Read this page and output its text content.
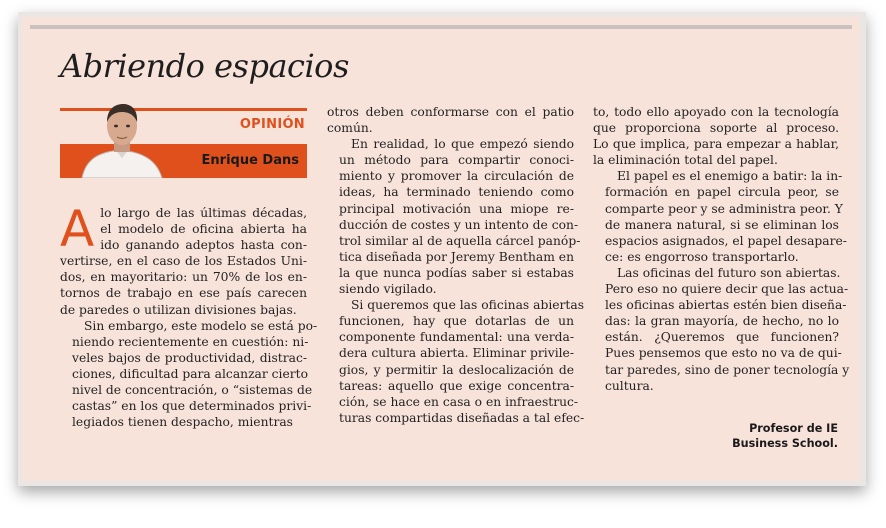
Abriendo espacios
OPINIÓN
Enrique Dans

A lo largo de las últimas décadas,
el modelo de oficina abierta ha
ido ganando adeptos hasta con-
vertirse, en el caso de los Estados Uni-
dos, en mayoritario: un 70% de los en-
tornos de trabajo en ese país carecen
de paredes o utilizan divisiones bajas.

Sin embargo, este modelo se está po-
niendo recientemente en cuestión: ni-
veles bajos de productividad, distrac-
ciones, dificultad para alcanzar cierto
nivel de concentración, o “sistemas de
castas” en los que determinados privi-
legiados tienen despacho, mientras

otros deben conformarse con el patio
común.

En realidad, lo que empezó siendo
un método para compartir conoci-
miento y promover la circulación de
ideas, ha terminado teniendo como
principal motivación una miope re-
ducción de costes y un intento de con-
trol similar al de aquella cárcel panóp-
tica diseñada por Jeremy Bentham en
la que nunca podías saber si estabas
siendo vigilado.

Si queremos que las oficinas abiertas
funcionen, hay que dotarlas de un
componente fundamental: una verda-
dera cultura abierta. Eliminar privile-
gios, y permitir la deslocalización de
tareas: aquello que exige concentra-
ción, se hace en casa o en infraestruc-
turas compartidas diseñadas a tal efec-

to, todo ello apoyado con la tecnología
que proporciona soporte al proceso.
Lo que implica, para empezar a hablar,
la eliminación total del papel.

El papel es el enemigo a batir: la in-
formación en papel circula peor, se
comparte peor y se administra peor. Y
de manera natural, si se eliminan los
espacios asignados, el papel desapare-
ce: es engorroso transportarlo.

Las oficinas del futuro son abiertas.
Pero eso no quiere decir que las actua-
les oficinas abiertas estén bien diseña-
das: la gran mayoría, de hecho, no lo
están. ¿Queremos que funcionen?
Pues pensemos que esto no va de qui-
tar paredes, sino de poner tecnología y
cultura.

Profesor de IE
Business School.
